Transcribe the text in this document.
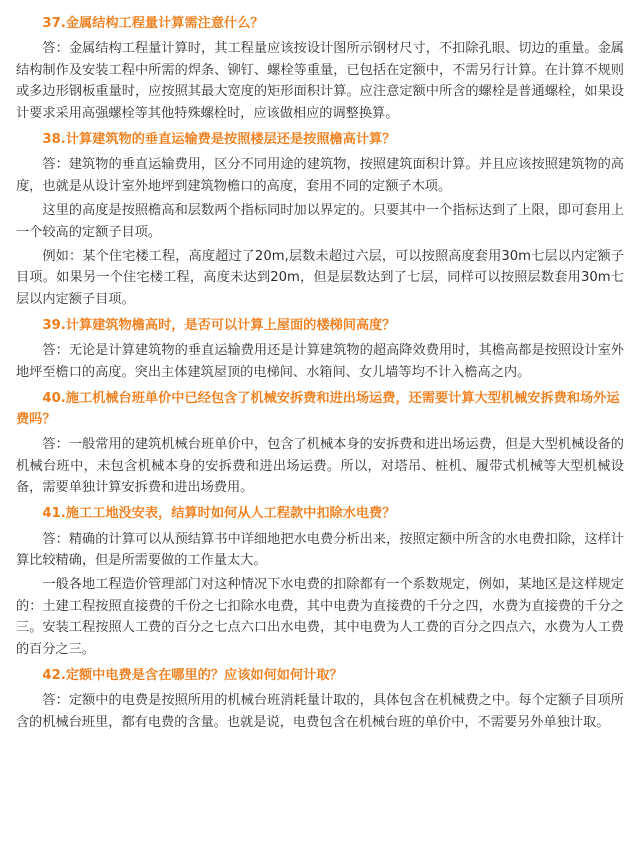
37.金属结构工程量计算需注意什么？

答：金属结构工程量计算时，其工程量应该按设计图所示钢材尺寸，不扣除孔眼、切边的重量。金属结构制作及安装工程中所需的焊条、铆钉、螺栓等重量，已包括在定额中，不需另行计算。在计算不规则或多边形钢板重量时，应按照其最大宽度的矩形面积计算。应注意定额中所含的螺栓是普通螺栓，如果设计要求采用高强螺栓等其他特殊螺栓时，应该做相应的调整换算。

38.计算建筑物的垂直运输费是按照楼层还是按照檐高计算？

答：建筑物的垂直运输费用，区分不同用途的建筑物，按照建筑面积计算。并且应该按照建筑物的高度，也就是从设计室外地坪到建筑物檐口的高度，套用不同的定额子木项。

这里的高度是按照檐高和层数两个指标同时加以界定的。只要其中一个指标达到了上限，即可套用上一个较高的定额子目项。

例如：某个住宅楼工程，高度超过了20m,层数未超过六层，可以按照高度套用30m七层以内定额子目项。如果另一个住宅楼工程，高度未达到20m，但是层数达到了七层，同样可以按照层数套用30m七层以内定额子目项。

39.计算建筑物檐高时，是否可以计算上屋面的楼梯间高度？

答：无论是计算建筑物的垂直运输费用还是计算建筑物的超高降效费用时，其檐高都是按照设计室外地坪至檐口的高度。突出主体建筑屋顶的电梯间、水箱间、女儿墙等均不计入檐高之内。

40.施工机械台班单价中已经包含了机械安拆费和进出场运费，还需要计算大型机械安拆费和场外运费吗？

答：一般常用的建筑机械台班单价中，包含了机械本身的安拆费和进出场运费，但是大型机械设备的机械台班中，未包含机械本身的安拆费和进出场运费。所以，对塔吊、桩机、履带式机械等大型机械设备，需要单独计算安拆费和进出场费用。

41.施工工地没安表，结算时如何从人工程款中扣除水电费？

答：精确的计算可以从预结算书中详细地把水电费分析出来，按照定额中所含的水电费扣除，这样计算比较精确，但是所需要做的工作量太大。

一般各地工程造价管理部门对这种情况下水电费的扣除都有一个系数规定，例如，某地区是这样规定的：土建工程按照直接费的千份之七扣除水电费，其中电费为直接费的千分之四，水费为直接费的千分之三。安装工程按照人工费的百分之七点六口出水电费，其中电费为人工费的百分之四点六，水费为人工费的百分之三。

42.定额中电费是含在哪里的？应该如何如何计取？

答：定额中的电费是按照所用的机械台班消耗量计取的，具体包含在机械费之中。每个定额子目项所含的机械台班里，都有电费的含量。也就是说，电费包含在机械台班的单价中，不需要另外单独计取。
